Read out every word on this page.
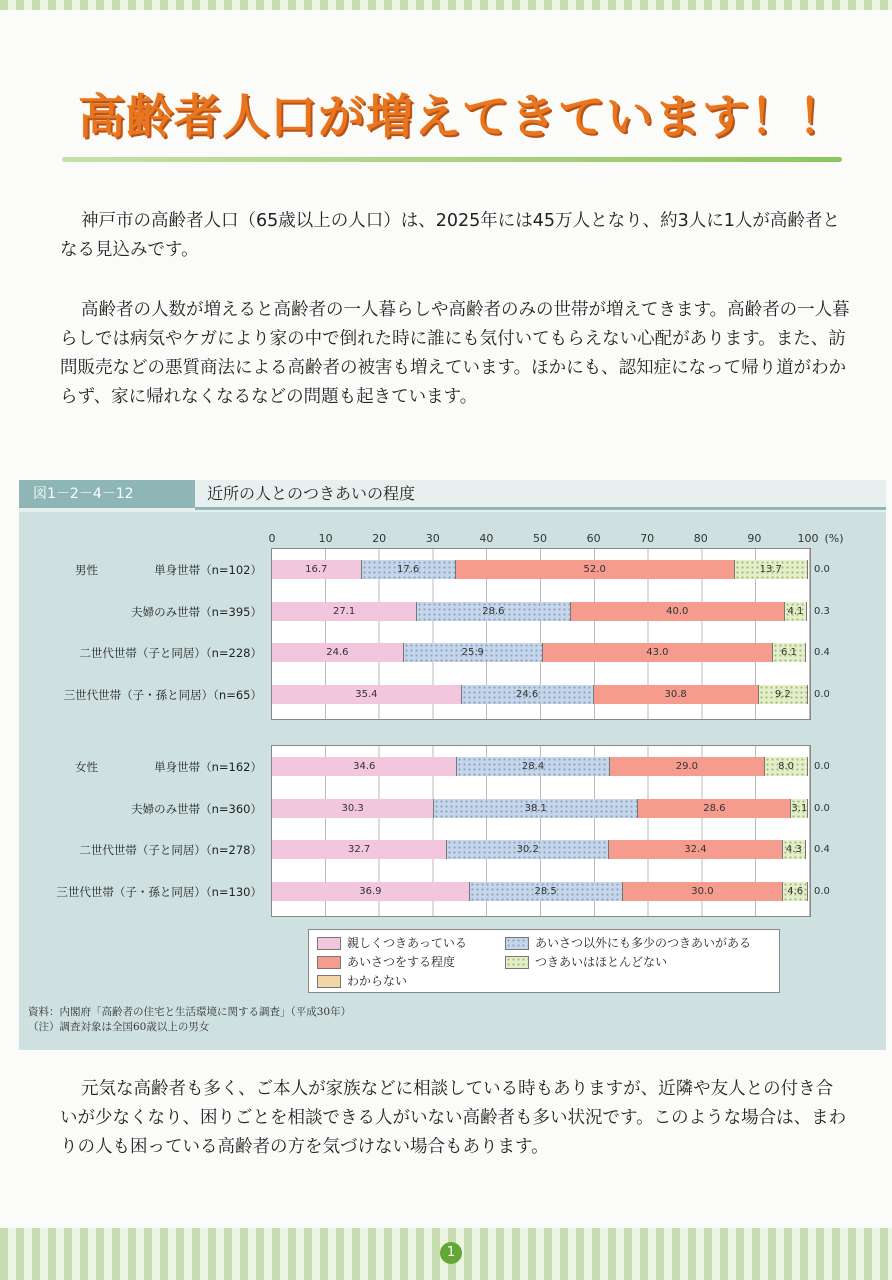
高齢者人口が増えてきています！！

神戸市の高齢者人口（65歳以上の人口）は、2025年には45万人となり、約3人に1人が高齢者となる見込みです。

高齢者の人数が増えると高齢者の一人暮らしや高齢者のみの世帯が増えてきます。高齢者の一人暮らしでは病気やケガにより家の中で倒れた時に誰にも気付いてもらえない心配があります。また、訪問販売などの悪質商法による高齢者の被害も増えています。ほかにも、認知症になって帰り道がわからず、家に帰れなくなるなどの問題も起きています。

図1－2－4－12	近所の人とのつきあいの程度
0	10	20	30	40	50	60	70	80	90	100 (%)
男性	単身世帯（n=102）	16.7	17.6	52.0	13.7	0.0
夫婦のみ世帯（n=395）	27.1	28.6	40.0	4.1	0.3
二世代世帯（子と同居）（n=228）	24.6	25.9	43.0	6.1	0.4
三世代世帯（子・孫と同居）（n=65）	35.4	24.6	30.8	9.2	0.0
女性	単身世帯（n=162）	34.6	28.4	29.0	8.0	0.0
夫婦のみ世帯（n=360）	30.3	38.1	28.6	3.1 0.0
二世代世帯（子と同居）（n=278）	32.7	30.2	32.4	4.3	0.4
三世代世帯（子・孫と同居）（n=130）	36.9	28.5	30.0	4.6	0.0
親しくつきあっている	あいさつ以外にも多少のつきあいがある
あいさつをする程度	つきあいはほとんどない
わからない
資料：内閣府「高齢者の住宅と生活環境に関する調査」（平成30年）
（注）調査対象は全国60歳以上の男女

元気な高齢者も多く、ご本人が家族などに相談している時もありますが、近隣や友人との付き合いが少なくなり、困りごとを相談できる人がいない高齢者も多い状況です。このような場合は、まわりの人も困っている高齢者の方を気づけない場合もあります。

1
